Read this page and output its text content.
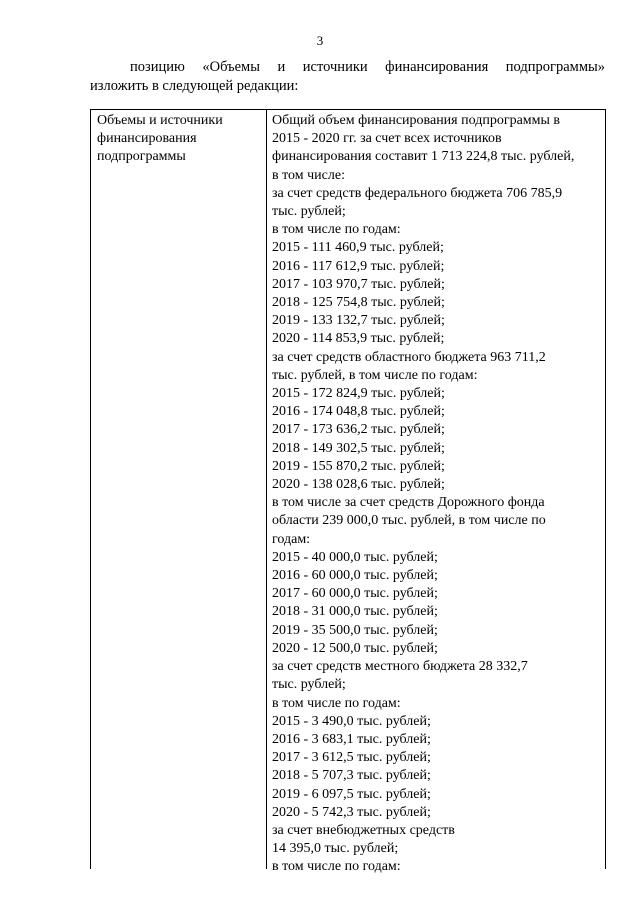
3
позицию «Объемы и источники финансирования подпрограммы»
изложить в следующей редакции:
Объемы и источники
финансирования
подпрограммы
Общий объем финансирования подпрограммы в
2015 - 2020 гг. за счет всех источников
финансирования составит 1 713 224,8 тыс. рублей,
в том числе:
за счет средств федерального бюджета 706 785,9
тыс. рублей;
в том числе по годам:
2015 - 111 460,9 тыс. рублей;
2016 - 117 612,9 тыс. рублей;
2017 - 103 970,7 тыс. рублей;
2018 - 125 754,8 тыс. рублей;
2019 - 133 132,7 тыс. рублей;
2020 - 114 853,9 тыс. рублей;
за счет средств областного бюджета 963 711,2
тыс. рублей, в том числе по годам:
2015 - 172 824,9 тыс. рублей;
2016 - 174 048,8 тыс. рублей;
2017 - 173 636,2 тыс. рублей;
2018 - 149 302,5 тыс. рублей;
2019 - 155 870,2 тыс. рублей;
2020 - 138 028,6 тыс. рублей;
в том числе за счет средств Дорожного фонда
области 239 000,0 тыс. рублей, в том числе по
годам:
2015 - 40 000,0 тыс. рублей;
2016 - 60 000,0 тыс. рублей;
2017 - 60 000,0 тыс. рублей;
2018 - 31 000,0 тыс. рублей;
2019 - 35 500,0 тыс. рублей;
2020 - 12 500,0 тыс. рублей;
за счет средств местного бюджета 28 332,7
тыс. рублей;
в том числе по годам:
2015 - 3 490,0 тыс. рублей;
2016 - 3 683,1 тыс. рублей;
2017 - 3 612,5 тыс. рублей;
2018 - 5 707,3 тыс. рублей;
2019 - 6 097,5 тыс. рублей;
2020 - 5 742,3 тыс. рублей;
за счет внебюджетных средств
14 395,0 тыс. рублей;
в том числе по годам:
